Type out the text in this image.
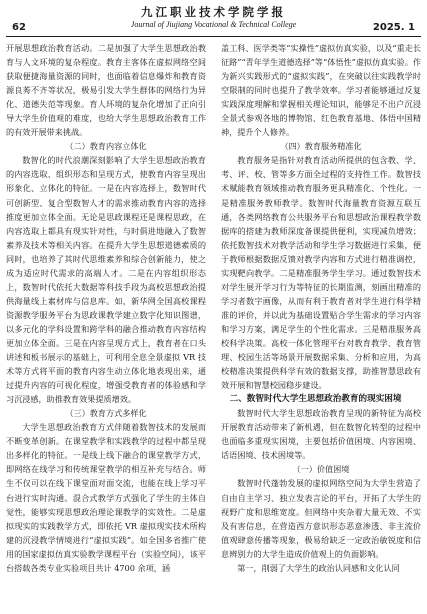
62
九江职业技术学院学报
Journal of Jiujiang Vocational & Technical College	2025. 1

开展思想政治教育活动。二是加强了大学生思想政治教育与人文环境的复杂程度。教育主客体在虚拟网络空间获取便捷海量资源的同时，也面临着信息爆炸和教育资源良莠不齐等状况，极易引发大学生群体的网络行为异化、道德失范等现象。育人环境的复杂化增加了正向引导大学生价值观的难度，也给大学生思想政治教育工作的有效开展带来挑战。

（二）教育内容立体化

数智化的时代浪潮深刻影响了大学生思想政治教育的内容选取、组织形态和呈现方式，使教育内容呈现出形象化、立体化的特征。一是在内容选择上，数智时代可创新型、复合型数智人才的需求推动教育内容的选择推度更加立体全面。无论是思政课程还是课程思政，在内容选取上都具有现实针对性，与时俱进地融入了数智素养及技术等相关内容。在提升大学生思想道德素质的同时，也培养了其时代思维素养和综合创新能力，使之成为适应时代需求的高端人才。二是在内容组织形态上，数智时代依托大数据等科技手段为高校思想政治提供海量线上素材库与信息库。如，新华网全国高校课程资源教学服务平台为思政课教学建立数字化知识图谱，以多元化的学科设置和跨学科的融合推动教育内容结构更加立体全面。三是在内容呈现方式上，教育者在口头讲述和板书展示的基础上，可利用全息全景虚拟 VR 技术等方式将平面的教育内容生动立体化地表现出来，通过提升内容的可视化程度，增强受教育者的体验感和学习沉浸感，助推教育效果提质增效。

（三）教育方式多样化

大学生思想政治教育方式伴随着数智技术的发展而不断变革创新。在课堂教学和实践教学的过程中都呈现出多样化的特征。一是线上线下融合的课堂教学方式，即网络在线学习和传统课堂教学的相互补充与结合。师生不仅可以在线下课堂面对面交流，也能在线上学习平台进行实时沟通。混合式教学方式强化了学生的主体自觉性，能够实现思想政治理论课教学的实效性。二是虚拟现实的实践教学方式，即依托 VR 虚拟现实技术所构建的沉浸教学情境进行“虚拟实践”。如全国多省推广使用的国家虚拟仿真实验教学课程平台（实验空间），该平台搭载各类专业实验项目共计 4700 余项，涵

盖工科、医学类等“实操性”虚拟仿真实验，以及“重走长征路”“青年学生道德选择”等“体悟性”虚拟仿真实验。作为新兴实践形式的“虚拟实践”，在突破以往实践教学时空限制的同时也提升了教学效率。学习者能够通过反复实践深度理解和掌握相关理论知识，能够足不出户沉浸全景式参观各地的博物馆、红色教育基地、体悟中国精神，提升个人修养。

（四）教育服务精准化

教育服务是指针对教育活动所提供的包含教、学、考、评、校、管等多方面全过程的支持性工作。数智技术赋能教育领域推动教育服务更具精准化、个性化。一是精准服务教师教学。数智时代海量教育资源互联互通，各类网络教育公共服务平台和思想政治课程教学数据库的搭建为教师深度备课提供便利，实现减负增效；依托数智技术对教学活动和学生学习数据进行采集，便于教师根据数据反馈对教学内容和方式进行精准调控，实现靶向教学。二是精准服务学生学习。通过数智技术对学生展开学习行为等特征的长期监测，刻画出精准的学习者数字画像，从而有利于教育者对学生进行科学精准的评价，并以此为基础设置贴合学生需求的学习内容和学习方案，满足学生的个性化需求。三是精准服务高校科学决策。高校一体化管理平台对教育教学、教育管理、校园生活等场景开展数据采集、分析和应用，为高校精准决策提供科学有效的数据支撑，助推智慧思政有效开展和智慧校园稳步建设。

二、数智时代大学生思想政治教育的现实困境

数智时代大学生思想政治教育呈现的新特征为高校开展教育活动带来了新机遇，但在数智化转型的过程中也面临多重现实困境，主要包括价值困境、内容困境、话语困境、技术困境等。

（一）价值困境

数智时代蓬勃发展的虚拟网络空间为大学生营造了自由自主学习、独立发表言论的平台，开拓了大学生的视野广度和思维宽度。但网络中夹杂着大量无效、不实及有害信息，在营造西方意识形态恶意渗透、非主流价值观肆意传播等现象，极易给缺乏一定政治敏锐度和信息辨别力的大学生造成价值观上的负面影响。

第一，削弱了大学生的政治认同感和文化认同
